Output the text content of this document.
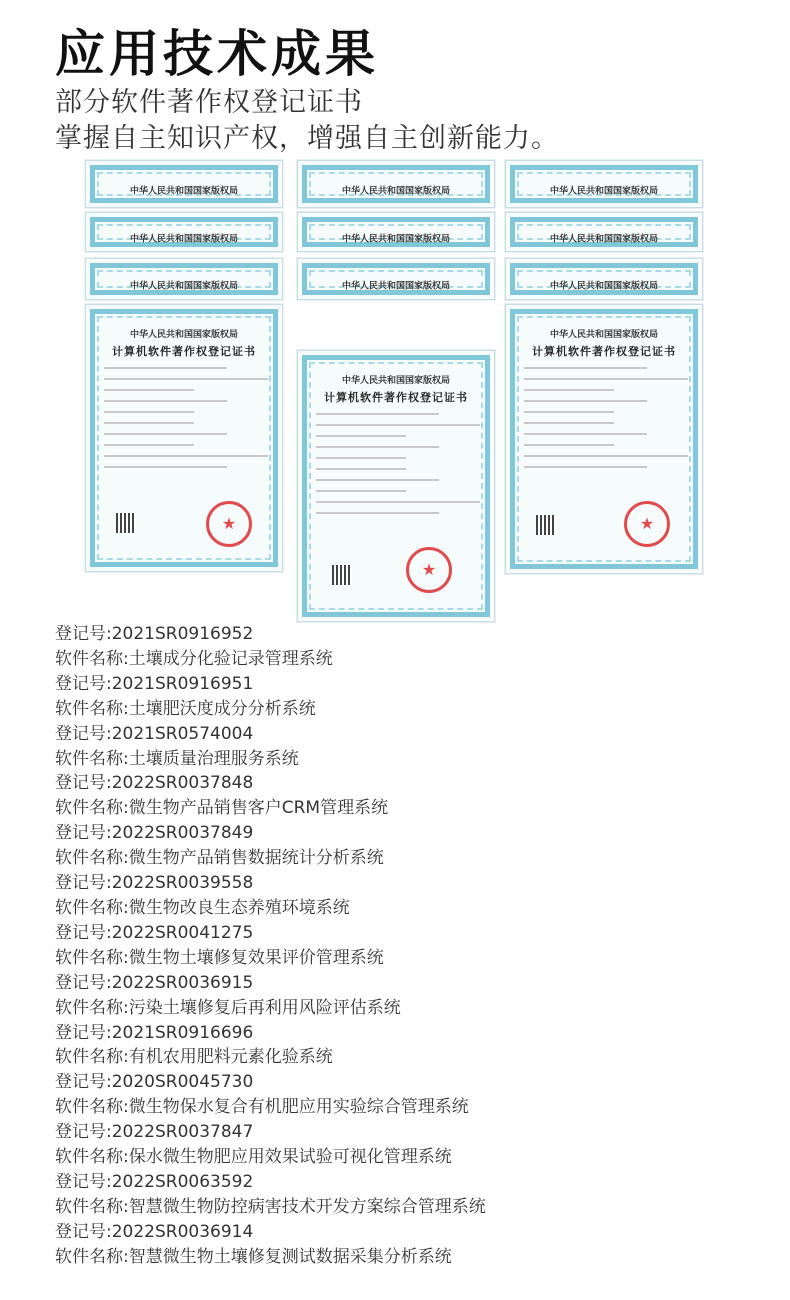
应用技术成果
部分软件著作权登记证书
掌握自主知识产权，增强自主创新能力。
中华人民共和国国家版权局	中华人民共和国国家版权局	中华人民共和国国家版权局
中华人民共和国国家版权局	中华人民共和国国家版权局	中华人民共和国国家版权局
中华人民共和国国家版权局	中华人民共和国国家版权局	中华人民共和国国家版权局
中华人民共和国国家版权局
计算机软件著作权登记证书
★
中华人民共和国国家版权局
计算机软件著作权登记证书
★
中华人民共和国国家版权局
计算机软件著作权登记证书
★
登记号:2021SR0916952
软件名称:土壤成分化验记录管理系统
登记号:2021SR0916951
软件名称:土壤肥沃度成分分析系统
登记号:2021SR0574004
软件名称:土壤质量治理服务系统
登记号:2022SR0037848
软件名称:微生物产品销售客户CRM管理系统
登记号:2022SR0037849
软件名称:微生物产品销售数据统计分析系统
登记号:2022SR0039558
软件名称:微生物改良生态养殖环境系统
登记号:2022SR0041275
软件名称:微生物土壤修复效果评价管理系统
登记号:2022SR0036915
软件名称:污染土壤修复后再利用风险评估系统
登记号:2021SR0916696
软件名称:有机农用肥料元素化验系统
登记号:2020SR0045730
软件名称:微生物保水复合有机肥应用实验综合管理系统
登记号:2022SR0037847
软件名称:保水微生物肥应用效果试验可视化管理系统
登记号:2022SR0063592
软件名称:智慧微生物防控病害技术开发方案综合管理系统
登记号:2022SR0036914
软件名称:智慧微生物土壤修复测试数据采集分析系统
